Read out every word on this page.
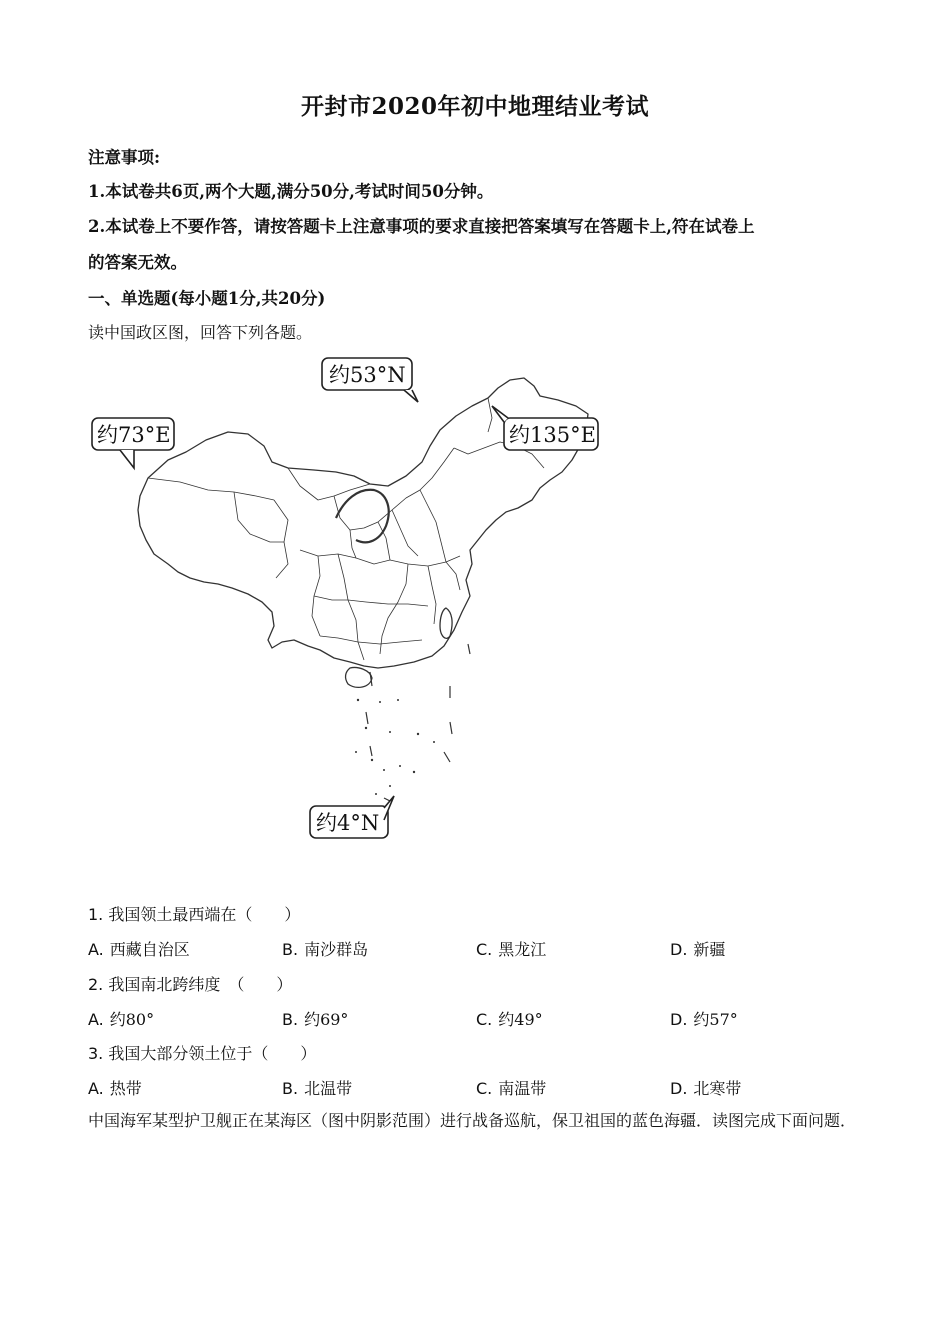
开封市2020年初中地理结业考试
注意事项:
1.本试卷共6页,两个大题,满分50分,考试时间50分钟。
2.本试卷上不要作答，请按答题卡上注意事项的要求直接把答案填写在答题卡上,符在试卷上
的答案无效。
一、单选题(每小题1分,共20分)
读中国政区图，回答下列各题。
约53°N
约73°E	约135°E
约4°N
1. 我国领土最西端在（　　）
A. 西藏自治区	B. 南沙群岛	C. 黑龙江	D. 新疆
2. 我国南北跨纬度　（　　）
A. 约80°	B. 约69°	C. 约49°	D. 约57°
3. 我国大部分领土位于（　　）
A. 热带	B. 北温带	C. 南温带	D. 北寒带
中国海军某型护卫舰正在某海区（图中阴影范围）进行战备巡航，保卫祖国的蓝色海疆．读图完成下面问题．
